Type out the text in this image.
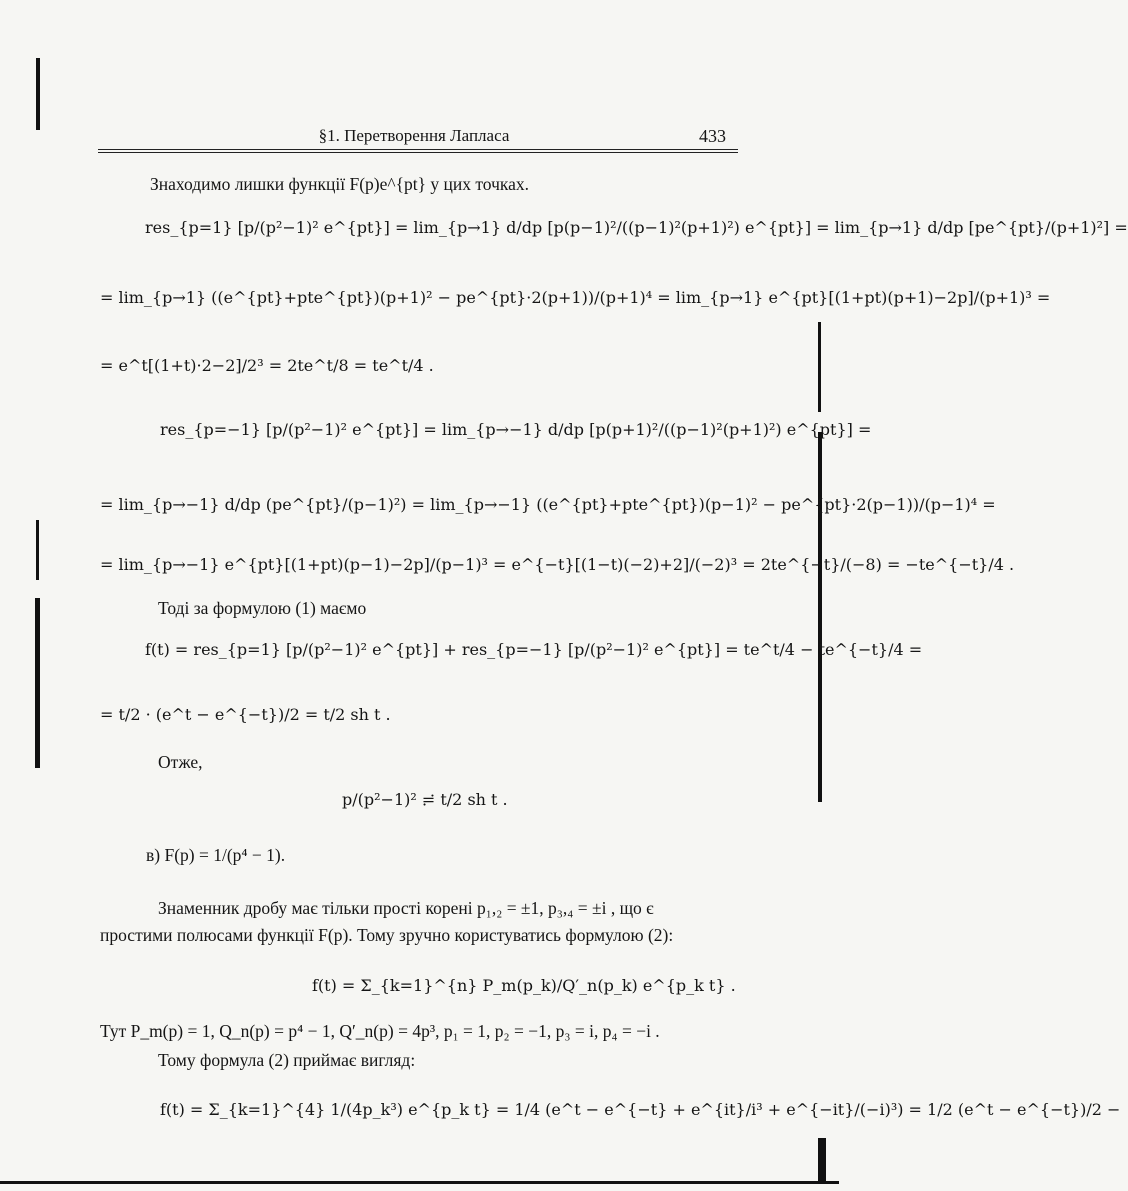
§1. Перетворення Лапласа	433
Знаходимо лишки функції F(p)e^{pt} у цих точках.
res_{p=1} [p/(p²−1)² e^{pt}] = lim_{p→1} d/dp [p(p−1)²/((p−1)²(p+1)²) e^{pt}] = lim_{p→1} d/dp [pe^{pt}/(p+1)²] =
= lim_{p→1} ((e^{pt}+pte^{pt})(p+1)² − pe^{pt}·2(p+1))/(p+1)⁴ = lim_{p→1} e^{pt}[(1+pt)(p+1)−2p]/(p+1)³ =
= e^t[(1+t)·2−2]/2³ = 2te^t/8 = te^t/4 .
res_{p=−1} [p/(p²−1)² e^{pt}] = lim_{p→−1} d/dp [p(p+1)²/((p−1)²(p+1)²) e^{pt}] =
= lim_{p→−1} d/dp (pe^{pt}/(p−1)²) = lim_{p→−1} ((e^{pt}+pte^{pt})(p−1)² − pe^{pt}·2(p−1))/(p−1)⁴ =
= lim_{p→−1} e^{pt}[(1+pt)(p−1)−2p]/(p−1)³ = e^{−t}[(1−t)(−2)+2]/(−2)³ = 2te^{−t}/(−8) = −te^{−t}/4 .
Тоді за формулою (1) маємо
f(t) = res_{p=1} [p/(p²−1)² e^{pt}] + res_{p=−1} [p/(p²−1)² e^{pt}] = te^t/4 − te^{−t}/4 =
= t/2 · (e^t − e^{−t})/2 = t/2 sh t .
Отже,
p/(p²−1)² ≓ t/2 sh t .
в) F(p) = 1/(p⁴ − 1).
Знаменник дробу має тільки прості корені p₁,₂ = ±1, p₃,₄ = ±i , що є
простими полюсами функції F(p). Тому зручно користуватись формулою (2):
f(t) = Σ_{k=1}^{n} P_m(p_k)/Q′_n(p_k) e^{p_k t} .
Тут P_m(p) = 1, Q_n(p) = p⁴ − 1, Q′_n(p) = 4p³, p₁ = 1, p₂ = −1, p₃ = i, p₄ = −i .
Тому формула (2) приймає вигляд:
f(t) = Σ_{k=1}^{4} 1/(4p_k³) e^{p_k t} = 1/4 (e^t − e^{−t} + e^{it}/i³ + e^{−it}/(−i)³) = 1/2 (e^t − e^{−t})/2 −
